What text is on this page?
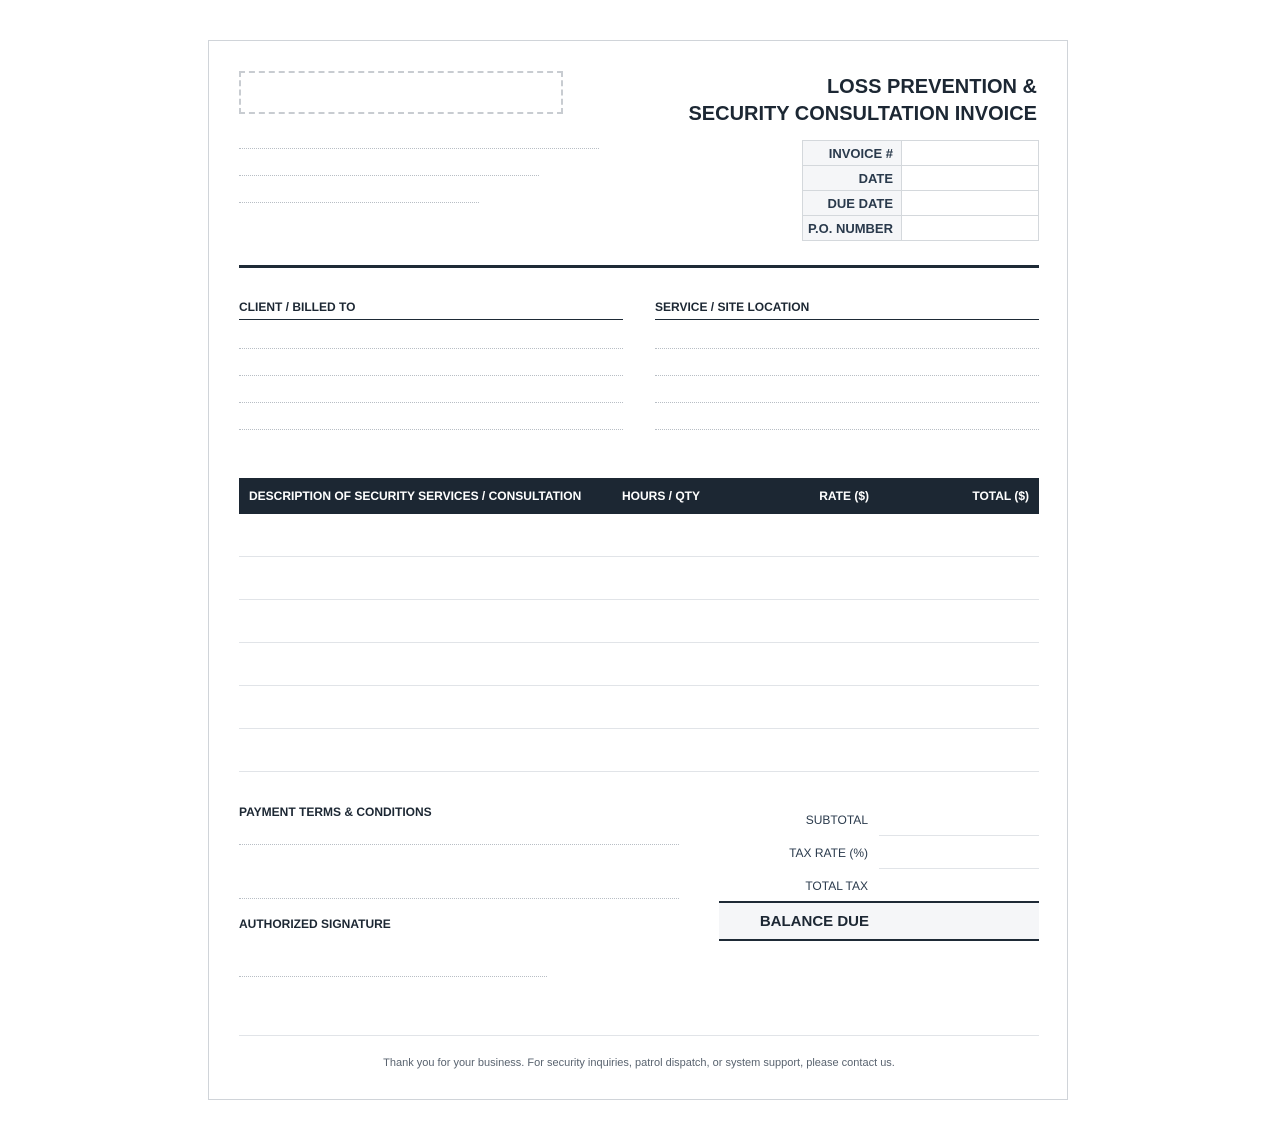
LOSS PREVENTION &
SECURITY CONSULTATION INVOICE
INVOICE #	
DATE	
DUE DATE	
P.O. NUMBER	
CLIENT / BILLED TO	SERVICE / SITE LOCATION
DESCRIPTION OF SECURITY SERVICES / CONSULTATION	HOURS / QTY	RATE ($)	TOTAL ($)
PAYMENT TERMS & CONDITIONS
AUTHORIZED SIGNATURE
SUBTOTAL
TAX RATE (%)
TOTAL TAX
BALANCE DUE
Thank you for your business. For security inquiries, patrol dispatch, or system support, please contact us.
